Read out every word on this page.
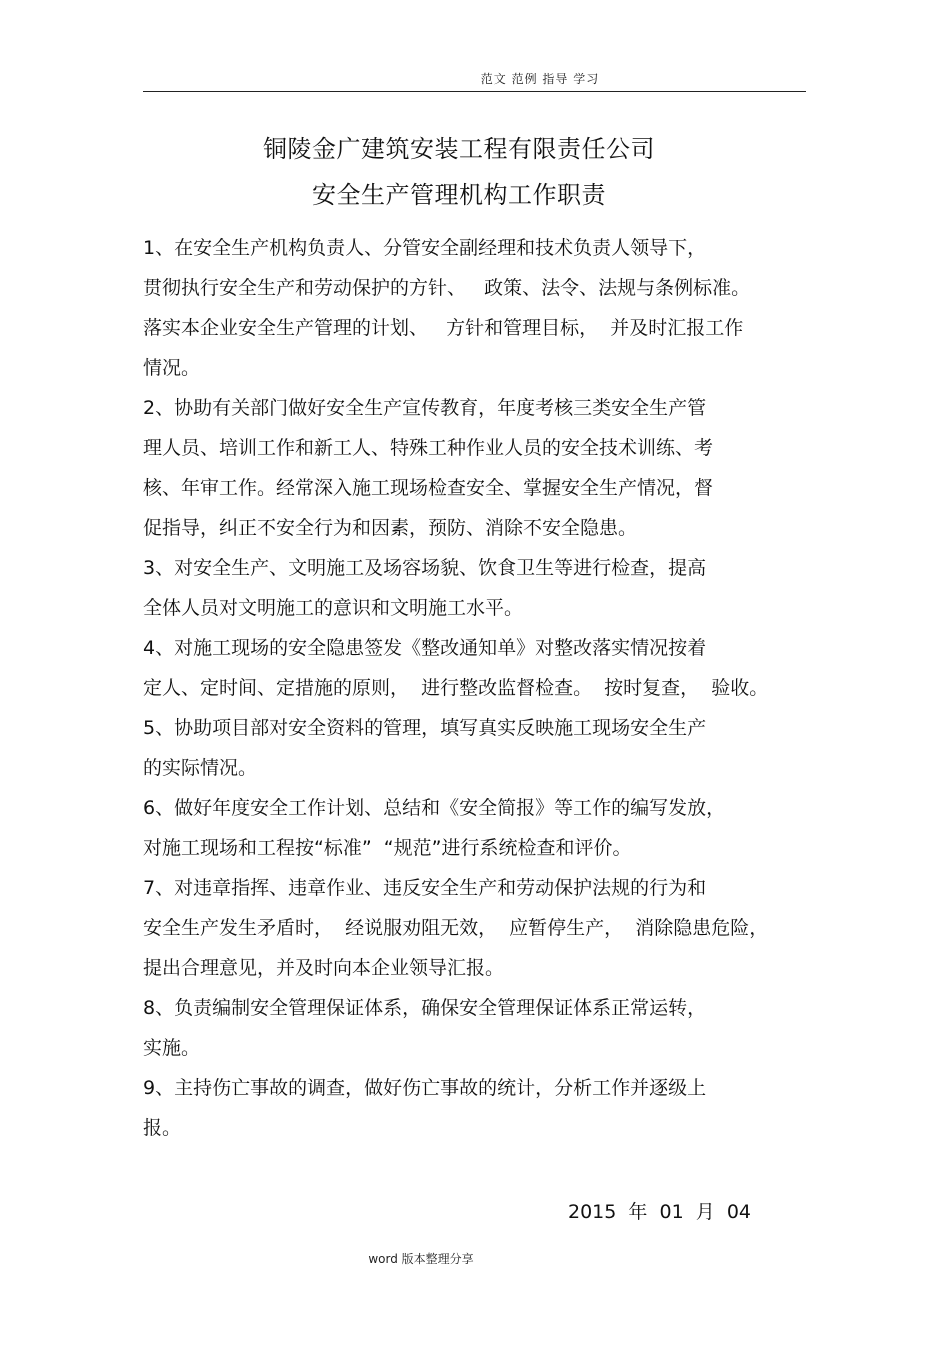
范文 范例 指导 学习
铜陵金广建筑安装工程有限责任公司
安全生产管理机构工作职责
1、在安全生产机构负责人、分管安全副经理和技术负责人领导下，
贯彻执行安全生产和劳动保护的方针、   政策、法令、法规与条例标准。
落实本企业安全生产管理的计划、   方针和管理目标，  并及时汇报工作
情况。
2、协助有关部门做好安全生产宣传教育，年度考核三类安全生产管
理人员、培训工作和新工人、特殊工种作业人员的安全技术训练、考
核、年审工作。经常深入施工现场检查安全、掌握安全生产情况，督
促指导，纠正不安全行为和因素，预防、消除不安全隐患。
3、对安全生产、文明施工及场容场貌、饮食卫生等进行检查，提高
全体人员对文明施工的意识和文明施工水平。
4、对施工现场的安全隐患签发《整改通知单》对整改落实情况按着
定人、定时间、定措施的原则，  进行整改监督检查。  按时复查，  验收。
5、协助项目部对安全资料的管理，填写真实反映施工现场安全生产
的实际情况。
6、做好年度安全工作计划、总结和《安全简报》等工作的编写发放，
对施工现场和工程按“标准”  “规范”进行系统检查和评价。
7、对违章指挥、违章作业、违反安全生产和劳动保护法规的行为和
安全生产发生矛盾时，  经说服劝阻无效，  应暂停生产，  消除隐患危险，
提出合理意见，并及时向本企业领导汇报。
8、负责编制安全管理保证体系，确保安全管理保证体系正常运转，
实施。
9、主持伤亡事故的调查，做好伤亡事故的统计，分析工作并逐级上
报。
2015  年  01  月  04
word 版本整理分享
